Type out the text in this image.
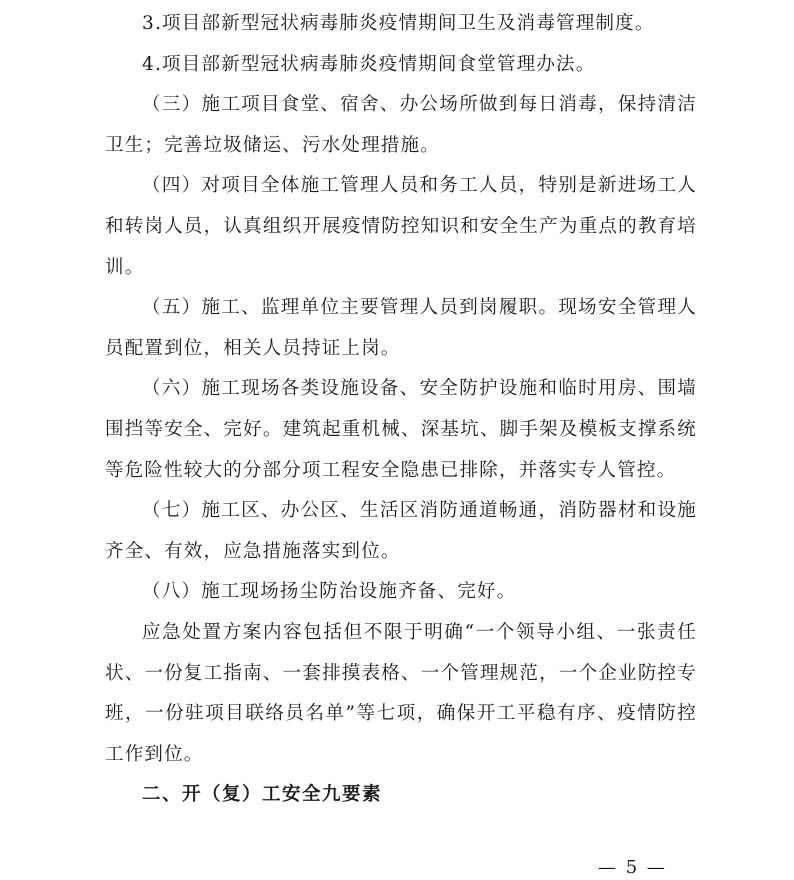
3.项目部新型冠状病毒肺炎疫情期间卫生及消毒管理制度。

4.项目部新型冠状病毒肺炎疫情期间食堂管理办法。

（三）施工项目食堂、宿舍、办公场所做到每日消毒，保持清洁卫生；完善垃圾储运、污水处理措施。

（四）对项目全体施工管理人员和务工人员，特别是新进场工人和转岗人员，认真组织开展疫情防控知识和安全生产为重点的教育培训。

（五）施工、监理单位主要管理人员到岗履职。现场安全管理人员配置到位，相关人员持证上岗。

（六）施工现场各类设施设备、安全防护设施和临时用房、围墙围挡等安全、完好。建筑起重机械、深基坑、脚手架及模板支撑系统等危险性较大的分部分项工程安全隐患已排除，并落实专人管控。

（七）施工区、办公区、生活区消防通道畅通，消防器材和设施齐全、有效，应急措施落实到位。

（八）施工现场扬尘防治设施齐备、完好。

应急处置方案内容包括但不限于明确“一个领导小组、一张责任状、一份复工指南、一套排摸表格、一个管理规范，一个企业防控专班，一份驻项目联络员名单”等七项，确保开工平稳有序、疫情防控工作到位。

二、开（复）工安全九要素

— 5 —
